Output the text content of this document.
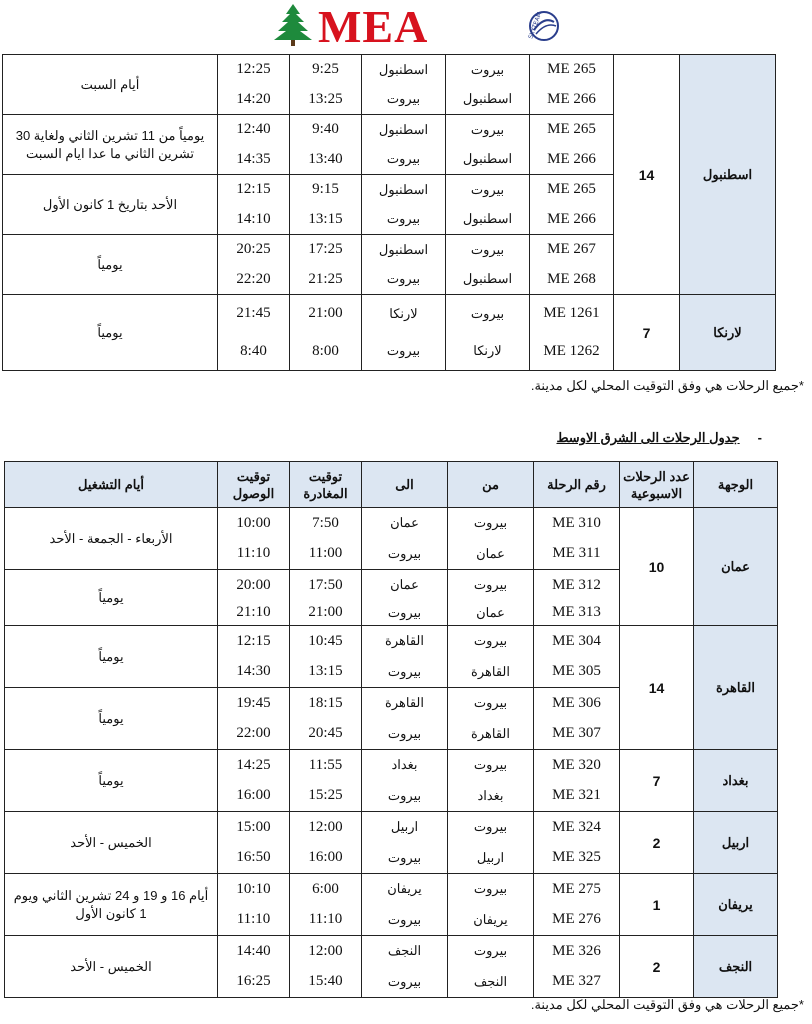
MEA	SKYTEAM
اسطنبول	14	ME 265	بيروت	اسطنبول	9:25	12:25	أيام السبت
		ME 266	اسطنبول	بيروت	13:25	14:20	
		ME 265	بيروت	اسطنبول	9:40	12:40	يومياً من 11 تشرين الثاني ولغاية 30 تشرين الثاني ما عدا ايام السبت
		ME 266	اسطنبول	بيروت	13:40	14:35	
		ME 265	بيروت	اسطنبول	9:15	12:15	الأحد بتاريخ 1 كانون الأول
		ME 266	اسطنبول	بيروت	13:15	14:10	
		ME 267	بيروت	اسطنبول	17:25	20:25	يومياً
		ME 268	اسطنبول	بيروت	21:25	22:20	
لارنكا	7	ME 1261	بيروت	لارنكا	21:00	21:45	يومياً
		ME 1262	لارنكا	بيروت	8:00	8:40	
*جميع الرحلات هي وفق التوقيت المحلي لكل مدينة.
-جدول الرحلات الى الشرق الاوسط
الوجهة	عدد الرحلات الاسبوعية	رقم الرحلة	من	الى	توقيت المغادرة	توقيت الوصول	أيام التشغيل
عمان	10	ME 310	بيروت	عمان	7:50	10:00	الأربعاء - الجمعة - الأحد
		ME 311	عمان	بيروت	11:00	11:10	
		ME 312	بيروت	عمان	17:50	20:00	يومياً
		ME 313	عمان	بيروت	21:00	21:10	
القاهرة	14	ME 304	بيروت	القاهرة	10:45	12:15	يومياً
		ME 305	القاهرة	بيروت	13:15	14:30	
		ME 306	بيروت	القاهرة	18:15	19:45	يومياً
		ME 307	القاهرة	بيروت	20:45	22:00	
بغداد	7	ME 320	بيروت	بغداد	11:55	14:25	يومياً
		ME 321	بغداد	بيروت	15:25	16:00	
اربيل	2	ME 324	بيروت	اربيل	12:00	15:00	الخميس - الأحد
		ME 325	اربيل	بيروت	16:00	16:50	
يريفان	1	ME 275	بيروت	يريفان	6:00	10:10	أيام 16 و 19 و 24 تشرين الثاني ويوم 1 كانون الأول
		ME 276	يريفان	بيروت	11:10	11:10	
النجف	2	ME 326	بيروت	النجف	12:00	14:40	الخميس - الأحد
		ME 327	النجف	بيروت	15:40	16:25	
*جميع الرحلات هي وفق التوقيت المحلي لكل مدينة.
